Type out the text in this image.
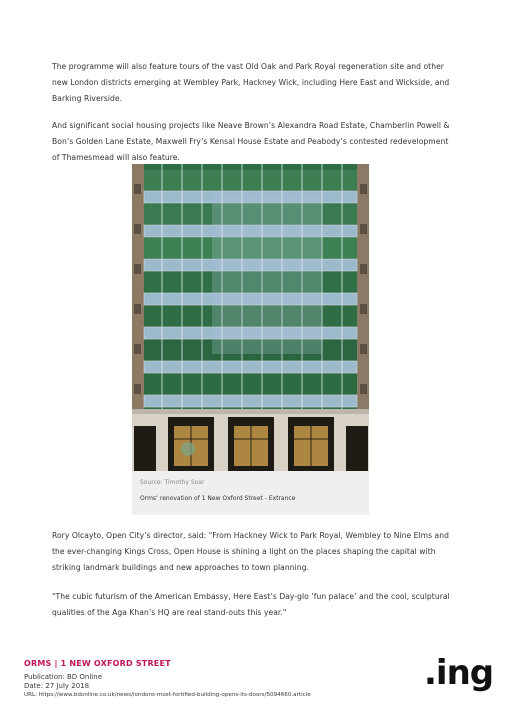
The programme will also feature tours of the vast Old Oak and Park Royal regeneration site and other new London districts emerging at Wembley Park, Hackney Wick, including Here East and Wickside, and Barking Riverside.

And significant social housing projects like Neave Brown’s Alexandra Road Estate, Chamberlin Powell & Bon’s Golden Lane Estate, Maxwell Fry’s Kensal House Estate and Peabody’s contested redevelopment of Thamesmead will also feature.

Source: Timothy Soar
Orms’ renovation of 1 New Oxford Street - Extrance

Rory Olcayto, Open City’s director, said: "From Hackney Wick to Park Royal, Wembley to Nine Elms and the ever-changing Kings Cross, Open House is shining a light on the places shaping the capital with striking landmark buildings and new approaches to town planning.

"The cubic futurism of the American Embassy, Here East’s Day-glo ‘fun palace’ and the cool, sculptural qualities of the Aga Khan’s HQ are real stand-outs this year."

ORMS | 1 NEW OXFORD STREET
Publication: BD Online
Date: 27 July 2018
URL: https://www.bdonline.co.uk/news/londons-most-fortified-building-opens-its-doors/5094660.article
.ing
